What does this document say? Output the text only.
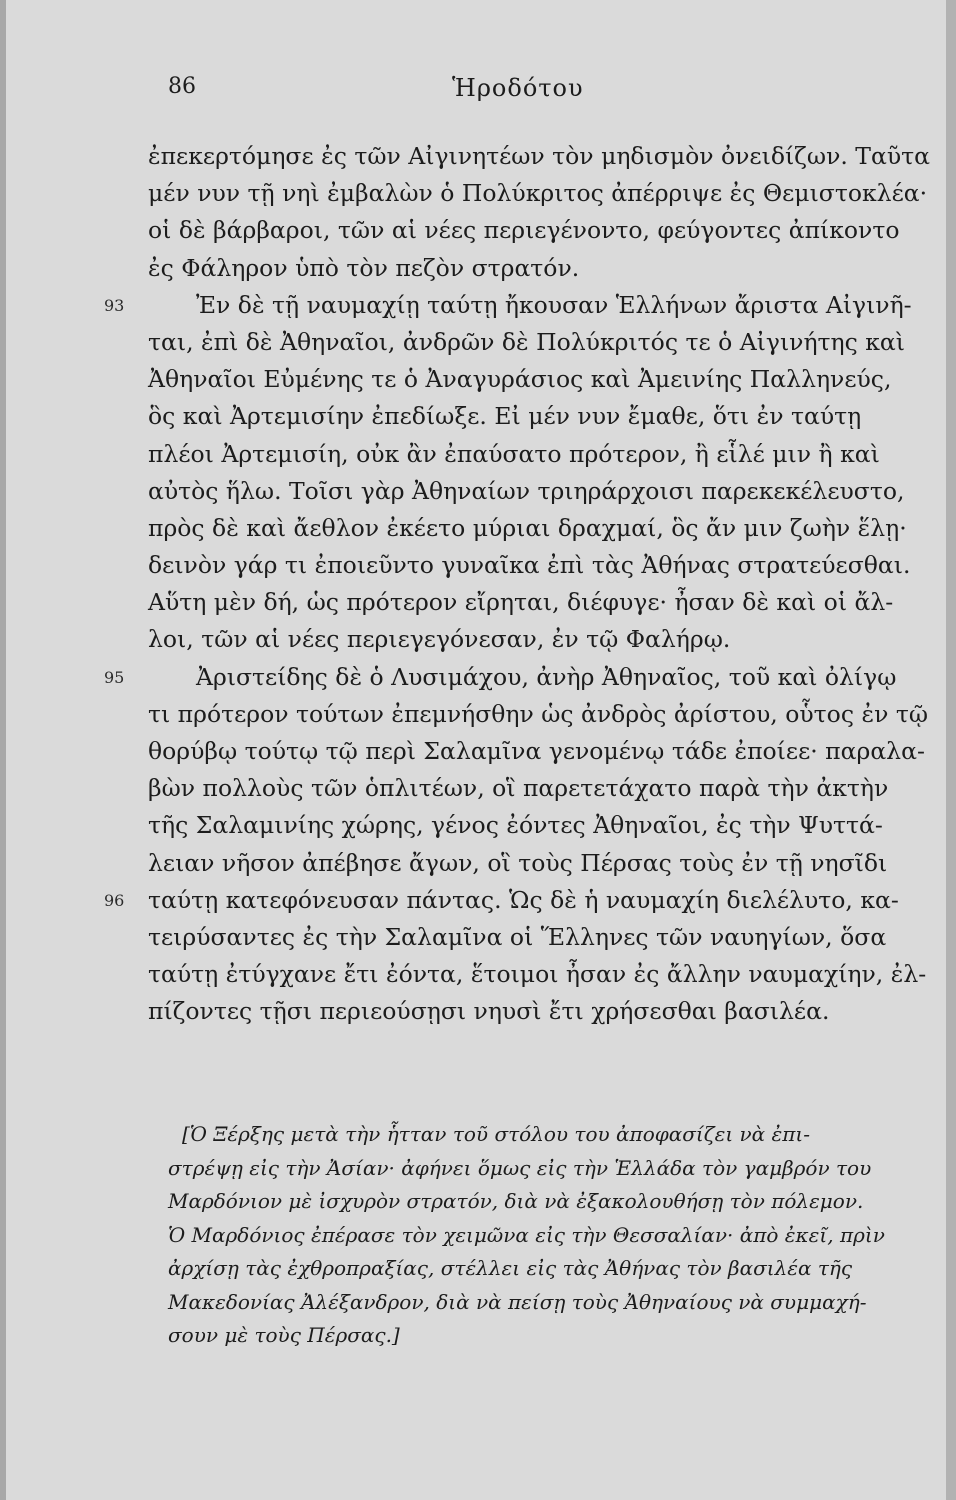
86	Ἡροδότου
ἐπεκερτόμησε ἐς τῶν Αἰγινητέων τὸν μηδισμὸν ὀνειδίζων. Ταῦτα
μέν νυν τῇ νηὶ ἐμβαλὼν ὁ Πολύκριτος ἀπέρριψε ἐς Θεμιστοκλέα·
οἱ δὲ βάρβαροι, τῶν αἱ νέες περιεγένοντο, φεύγοντες ἀπίκοντο
ἐς Φάληρον ὑπὸ τὸν πεζὸν στρατόν.
93	Ἐν δὲ τῇ ναυμαχίῃ ταύτῃ ἤκουσαν Ἑλλήνων ἄριστα Αἰγινῆ-
ται, ἐπὶ δὲ Ἀθηναῖοι, ἀνδρῶν δὲ Πολύκριτός τε ὁ Αἰγινήτης καὶ
Ἀθηναῖοι Εὐμένης τε ὁ Ἀναγυράσιος καὶ Ἀμεινίης Παλληνεύς,
ὃς καὶ Ἀρτεμισίην ἐπεδίωξε. Εἰ μέν νυν ἔμαθε, ὅτι ἐν ταύτῃ
πλέοι Ἀρτεμισίη, οὐκ ἂν ἐπαύσατο πρότερον, ἢ εἷλέ μιν ἢ καὶ
αὐτὸς ἥλω. Τοῖσι γὰρ Ἀθηναίων τριηράρχοισι παρεκεκέλευστο,
πρὸς δὲ καὶ ἄεθλον ἐκέετο μύριαι δραχμαί, ὃς ἄν μιν ζωὴν ἕλῃ·
δεινὸν γάρ τι ἐποιεῦντο γυναῖκα ἐπὶ τὰς Ἀθήνας στρατεύεσθαι.
Αὕτη μὲν δή, ὡς πρότερον εἴρηται, διέφυγε· ἦσαν δὲ καὶ οἱ ἄλ-
λοι, τῶν αἱ νέες περιεγεγόνεσαν, ἐν τῷ Φαλήρῳ.
95	Ἀριστείδης δὲ ὁ Λυσιμάχου, ἀνὴρ Ἀθηναῖος, τοῦ καὶ ὀλίγῳ
τι πρότερον τούτων ἐπεμνήσθην ὡς ἀνδρὸς ἀρίστου, οὗτος ἐν τῷ
θορύβῳ τούτῳ τῷ περὶ Σαλαμῖνα γενομένῳ τάδε ἐποίεε· παραλα-
βὼν πολλοὺς τῶν ὁπλιτέων, οἳ παρετετάχατο παρὰ τὴν ἀκτὴν
τῆς Σαλαμινίης χώρης, γένος ἐόντες Ἀθηναῖοι, ἐς τὴν Ψυττά-
λειαν νῆσον ἀπέβησε ἄγων, οἳ τοὺς Πέρσας τοὺς ἐν τῇ νησῖδι
96 ταύτῃ κατεφόνευσαν πάντας. Ὡς δὲ ἡ ναυμαχίη διελέλυτο, κα-
τειρύσαντες ἐς τὴν Σαλαμῖνα οἱ Ἕλληνες τῶν ναυηγίων, ὅσα
ταύτῃ ἐτύγχανε ἔτι ἐόντα, ἕτοιμοι ἦσαν ἐς ἄλλην ναυμαχίην, ἐλ-
πίζοντες τῇσι περιεούσῃσι νηυσὶ ἔτι χρήσεσθαι βασιλέα.
[Ὁ Ξέρξης μετὰ τὴν ἧτταν τοῦ στόλου του ἀποφασίζει νὰ ἐπι-
στρέψῃ εἰς τὴν Ἀσίαν· ἀφήνει ὅμως εἰς τὴν Ἑλλάδα τὸν γαμβρόν του
Μαρδόνιον μὲ ἰσχυρὸν στρατόν, διὰ νὰ ἐξακολουθήσῃ τὸν πόλεμον.
Ὁ Μαρδόνιος ἐπέρασε τὸν χειμῶνα εἰς τὴν Θεσσαλίαν· ἀπὸ ἐκεῖ, πρὶν
ἀρχίσῃ τὰς ἐχθροπραξίας, στέλλει εἰς τὰς Ἀθήνας τὸν βασιλέα τῆς
Μακεδονίας Ἀλέξανδρον, διὰ νὰ πείσῃ τοὺς Ἀθηναίους νὰ συμμαχή-
σουν μὲ τοὺς Πέρσας.]
